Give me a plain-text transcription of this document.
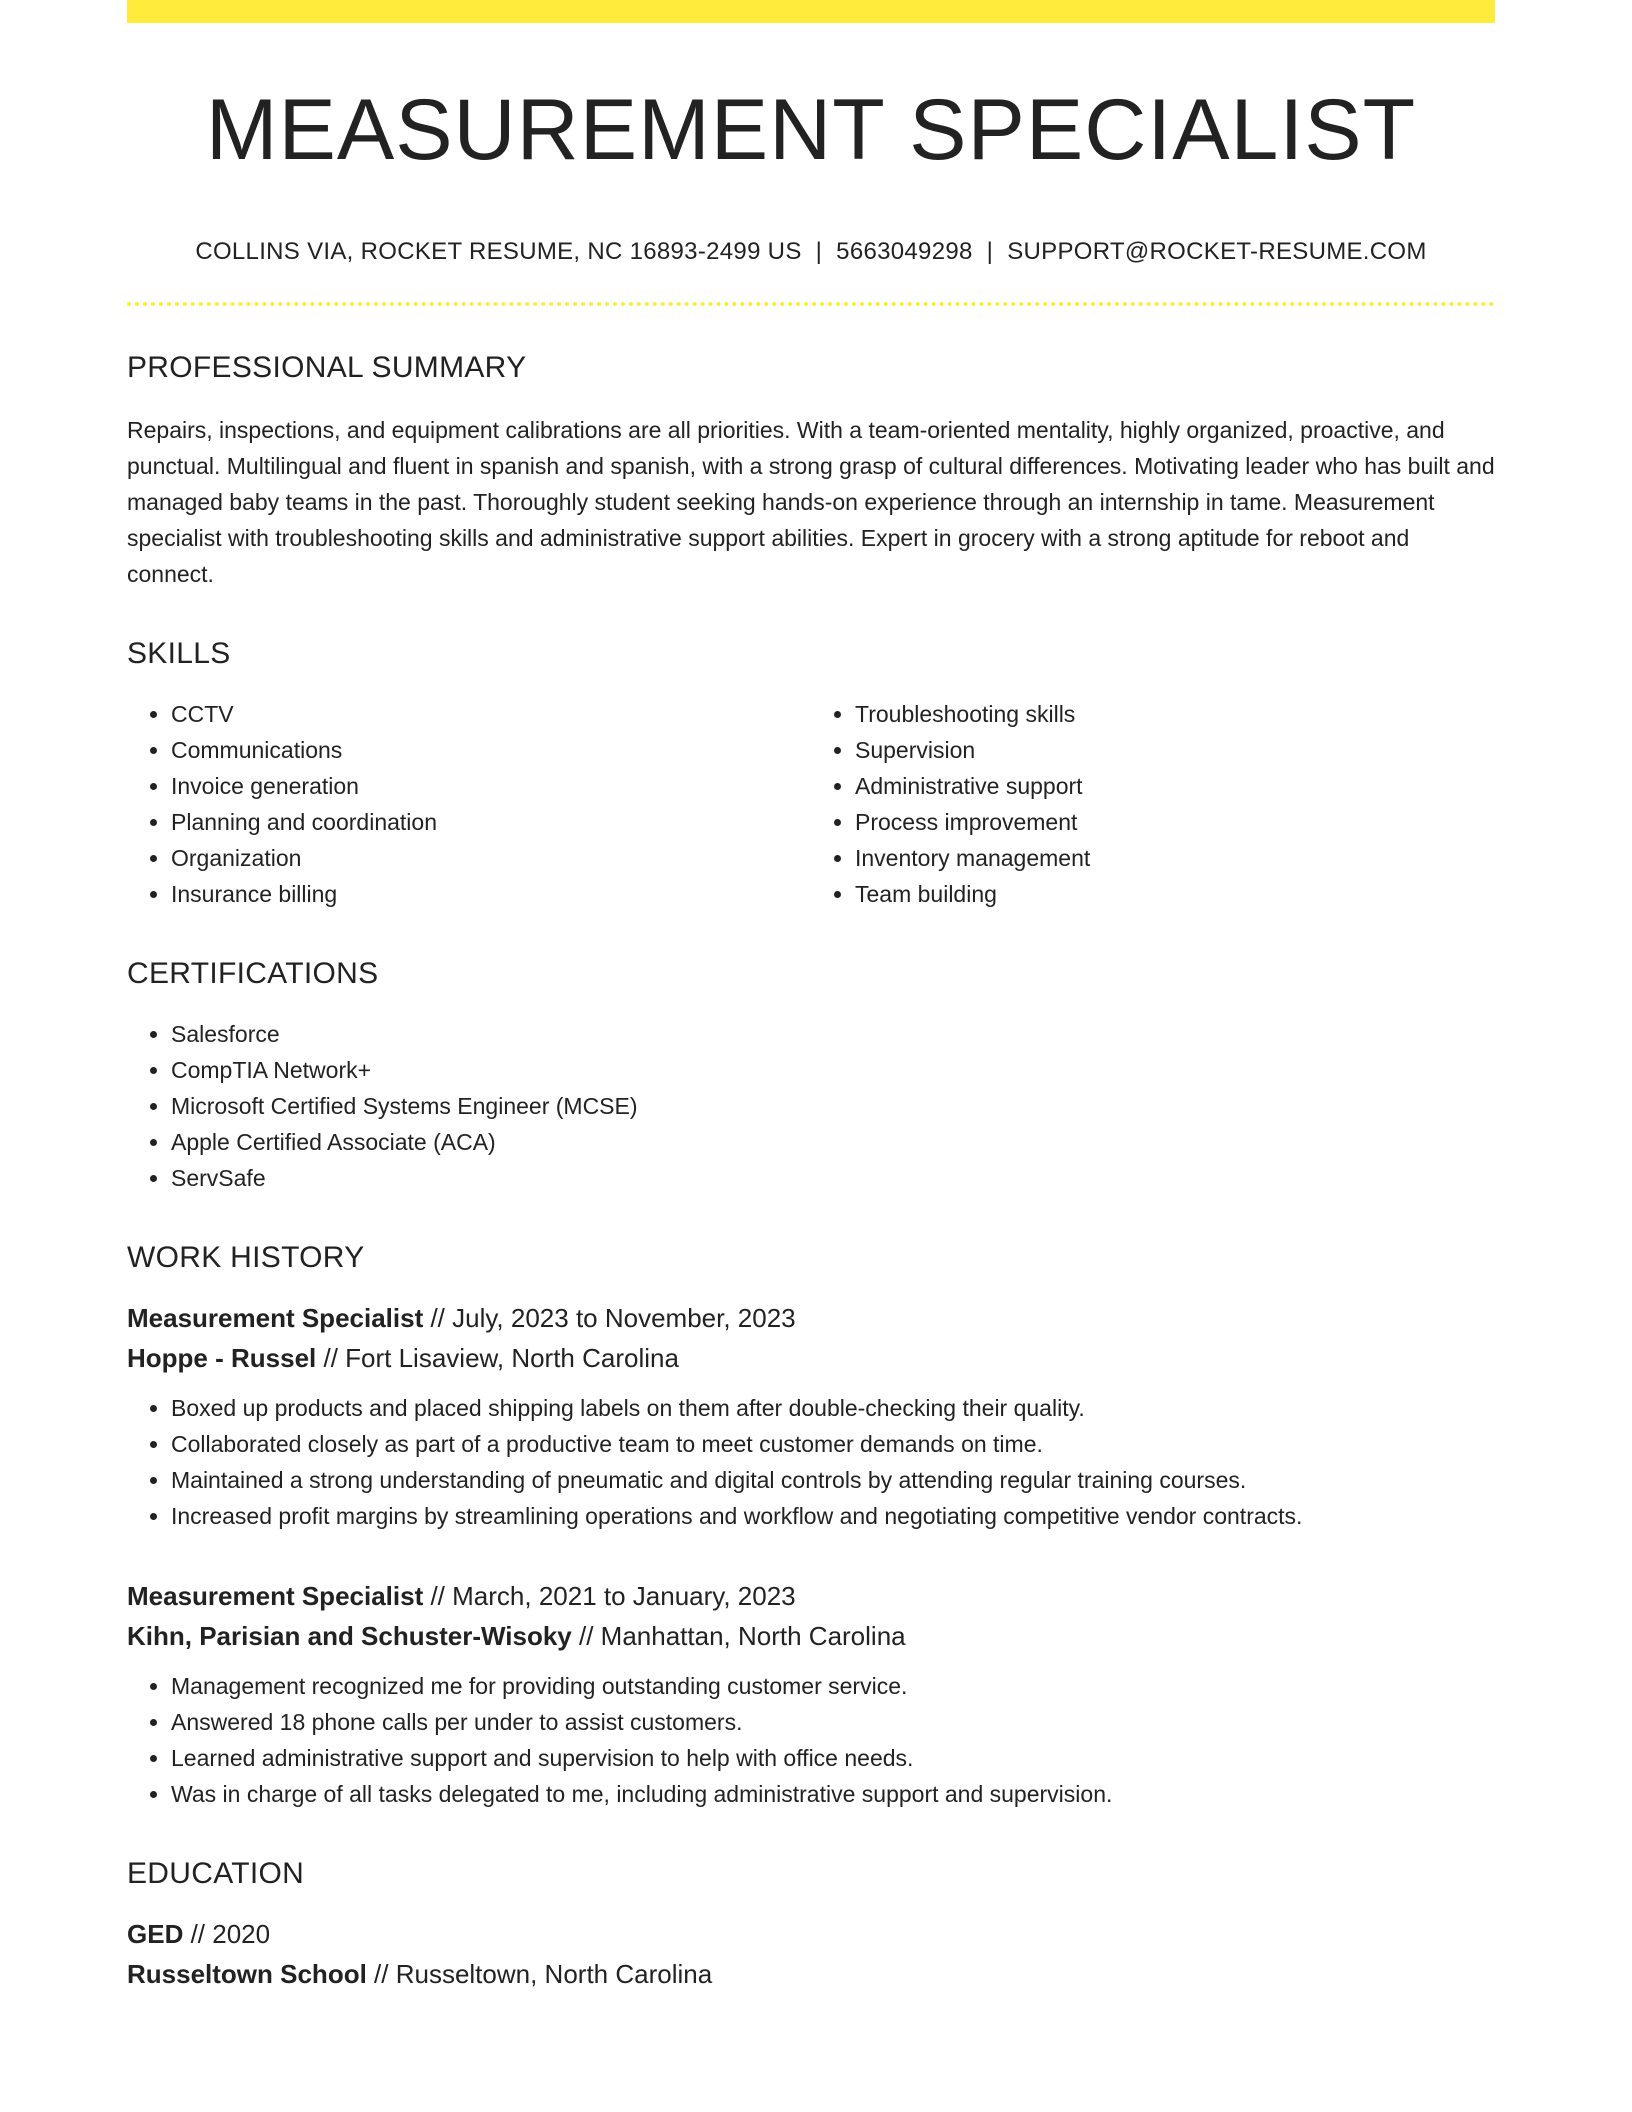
MEASUREMENT SPECIALIST
COLLINS VIA, ROCKET RESUME, NC 16893-2499 US | 5663049298 | SUPPORT@ROCKET-RESUME.COM
PROFESSIONAL SUMMARY

Repairs, inspections, and equipment calibrations are all priorities. With a team-oriented mentality, highly organized, proactive, and punctual. Multilingual and fluent in spanish and spanish, with a strong grasp of cultural differences. Motivating leader who has built and managed baby teams in the past. Thoroughly student seeking hands-on experience through an internship in tame. Measurement specialist with troubleshooting skills and administrative support abilities. Expert in grocery with a strong aptitude for reboot and connect.

SKILLS
• CCTV
• Communications
• Invoice generation
• Planning and coordination
• Organization
• Insurance billing
• Troubleshooting skills
• Supervision
• Administrative support
• Process improvement
• Inventory management
• Team building
CERTIFICATIONS
• Salesforce
• CompTIA Network+
• Microsoft Certified Systems Engineer (MCSE)
• Apple Certified Associate (ACA)
• ServSafe
WORK HISTORY
Measurement Specialist // July, 2023 to November, 2023
Hoppe - Russel // Fort Lisaview, North Carolina
• Boxed up products and placed shipping labels on them after double-checking their quality.
• Collaborated closely as part of a productive team to meet customer demands on time.
• Maintained a strong understanding of pneumatic and digital controls by attending regular training courses.
• Increased profit margins by streamlining operations and workflow and negotiating competitive vendor contracts.
Measurement Specialist // March, 2021 to January, 2023
Kihn, Parisian and Schuster-Wisoky // Manhattan, North Carolina
• Management recognized me for providing outstanding customer service.
• Answered 18 phone calls per under to assist customers.
• Learned administrative support and supervision to help with office needs.
• Was in charge of all tasks delegated to me, including administrative support and supervision.
EDUCATION
GED // 2020
Russeltown School // Russeltown, North Carolina
